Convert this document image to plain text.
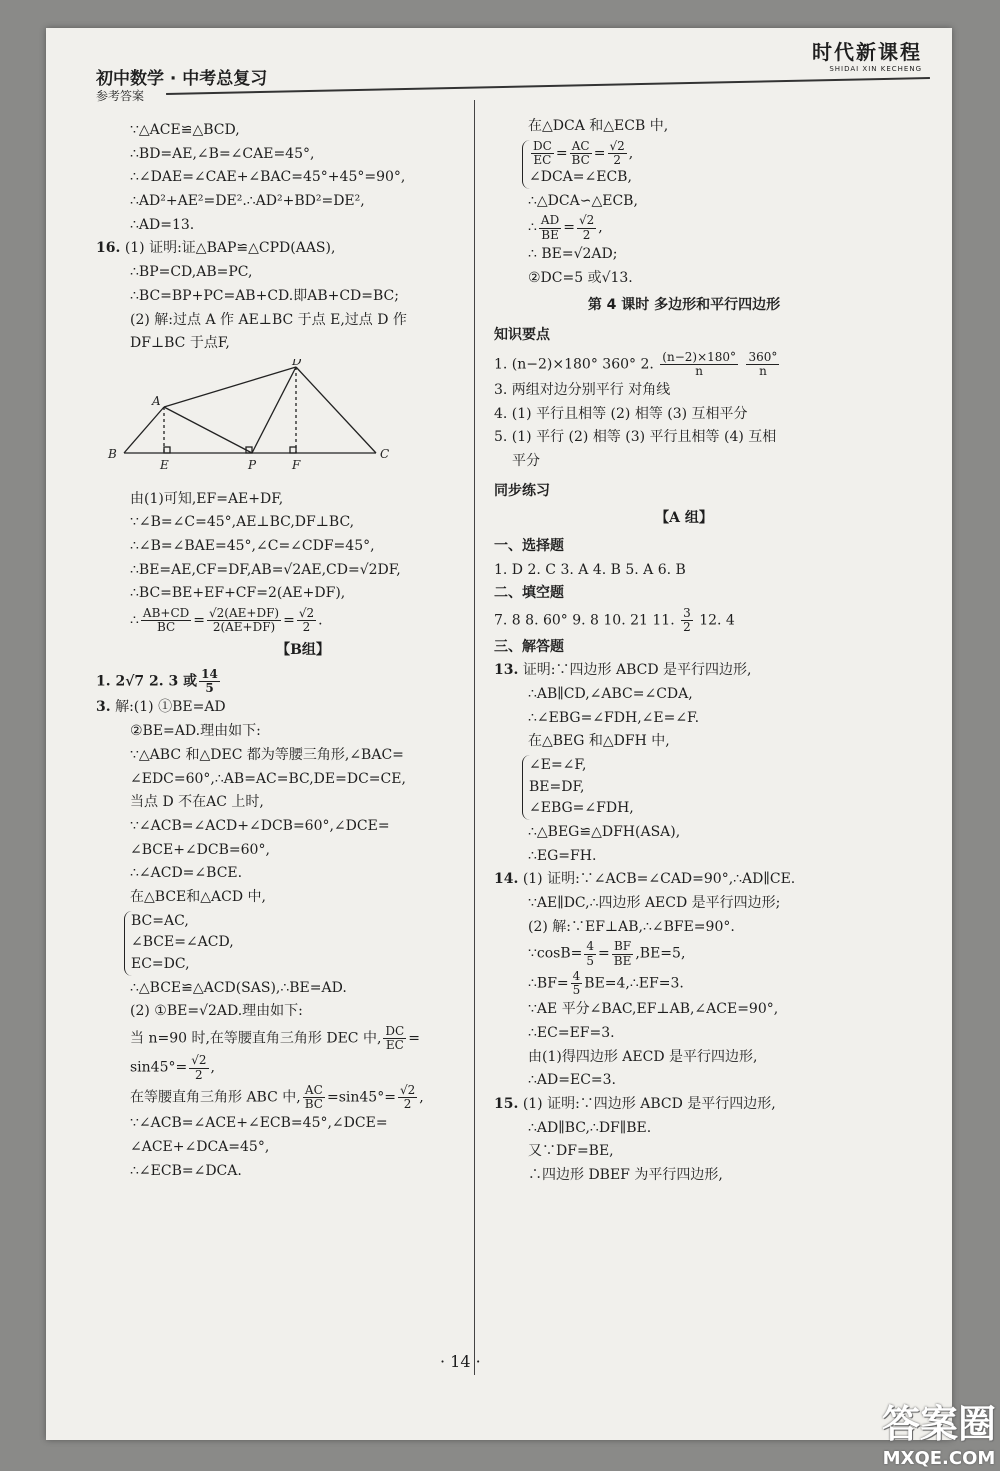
时代新课程
SHIDAI XIN KECHENG
初中数学 · 中考总复习
参考答案
∵△ACE≌△BCD,
∴BD=AE,∠B=∠CAE=45°,
∴∠DAE=∠CAE+∠BAC=45°+45°=90°,
∴AD²+AE²=DE².∴AD²+BD²=DE²,
∴AD=13.
16. (1) 证明:证△BAP≌△CPD(AAS),
∴BP=CD,AB=PC,
∴BC=BP+PC=AB+CD.即AB+CD=BC;
(2) 解:过点 A 作 AE⊥BC 于点 E,过点 D 作
DF⊥BC 于点F,
B	C
A
D
E	P	F
由(1)可知,EF=AE+DF,
∵∠B=∠C=45°,AE⊥BC,DF⊥BC,
∴∠B=∠BAE=45°,∠C=∠CDF=45°,
∴BE=AE,CF=DF,AB=√2AE,CD=√2DF,
∴BC=BE+EF+CF=2(AE+DF),
∴ $\frac{AB+CD}{BC} = \frac{√2(AE+DF)}{2(AE+DF)} = \frac{√2}{2}$ .
【B组】
1. 2√7 2. 3 或 $\frac{14}{5}$
3. 解:(1) ①BE=AD
②BE=AD.理由如下:
∵△ABC 和△DEC 都为等腰三角形,∠BAC=
∠EDC=60°,∴AB=AC=BC,DE=DC=CE,
当点 D 不在AC 上时,
∵∠ACB=∠ACD+∠DCB=60°,∠DCE=
∠BCE+∠DCB=60°,
∴∠ACD=∠BCE.
在△BCE和△ACD 中,
BC=AC,
∠BCE=∠ACD,
EC=DC,
∴△BCE≌△ACD(SAS),∴BE=AD.
(2) ①BE=√2AD.理由如下:
当 n=90 时,在等腰直角三角形 DEC 中, $\frac{DC}{EC}$ =
$\sin 45^\circ= \frac{√2}{2}$ ,
在等腰直角三角形 ABC 中, $\frac{AC}{BC} =\sin 45^\circ= \frac{√2}{2}$ ,
∵∠ACB=∠ACE+∠ECB=45°,∠DCE=
∠ACE+∠DCA=45°,
∴∠ECB=∠DCA.
在△DCA 和△ECB 中,
$\frac{DC}{EC} = \frac{AC}{BC} = \frac{√2}{2}$ ,
∠DCA=∠ECB,
∴△DCA∽△ECB,
∴ $\frac{AD}{BE} = \frac{√2}{2}$ ,
∴ BE=√2AD;
②DC=5 或√13.
第 4 课时 多边形和平行四边形
知识要点
1. (n−2)×180° 360° 2. $\frac{(n-2)\times 180^\circ}{n}$
$\frac{360^\circ}{n}$
3. 两组对边分别平行 对角线
4. (1) 平行且相等 (2) 相等 (3) 互相平分
5. (1) 平行 (2) 相等 (3) 平行且相等 (4) 互相
平分
同步练习
【A 组】
一、选择题
1. D 2. C 3. A 4. B 5. A 6. B
二、填空题
7. 8 8. 60° 9. 8 10. 21 11. $\frac{3}{2} 12$. 4
三、解答题
13. 证明:∵四边形 ABCD 是平行四边形,
∴AB∥CD,∠ABC=∠CDA,
∴∠EBG=∠FDH,∠E=∠F.
在△BEG 和△DFH 中,
∠E=∠F,
BE=DF,
∠EBG=∠FDH,
∴△BEG≌△DFH(ASA),
∴EG=FH.
14. (1) 证明:∵∠ACB=∠CAD=90°,∴AD∥CE.
∵AE∥DC,∴四边形 AECD 是平行四边形;
(2) 解:∵EF⊥AB,∴∠BFE=90°.
∵cosB= $\frac{4}{5} = \frac{BF}{BE} ,BE=5$,
∴BF= $\frac{4}{5}$ BE=4,∴EF=3.
∵AE 平分∠BAC,EF⊥AB,∠ACE=90°,
∴EC=EF=3.
由(1)得四边形 AECD 是平行四边形,
∴AD=EC=3.
15. (1) 证明:∵四边形 ABCD 是平行四边形,
∴AD∥BC,∴DF∥BE.
又∵DF=BE,
∴四边形 DBEF 为平行四边形,
· 14 ·
答案圈
MXQE.COM
